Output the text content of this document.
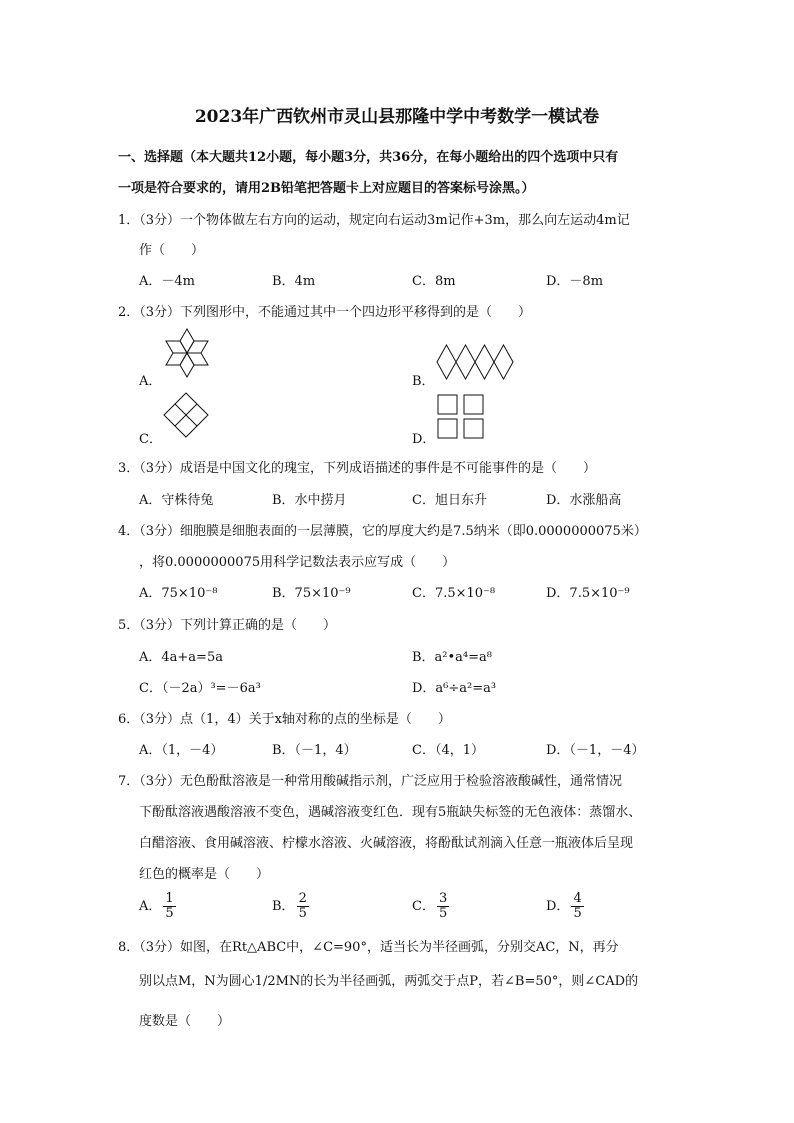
2023年广西钦州市灵山县那隆中学中考数学一模试卷
一、选择题（本大题共12小题，每小题3分，共36分，在每小题给出的四个选项中只有
一项是符合要求的，请用2B铅笔把答题卡上对应题目的答案标号涂黑。）
1．（3分）一个物体做左右方向的运动，规定向右运动3m记作+3m，那么向左运动4m记
作（　　）
A．－4m	B．4m	C．8m	D．－8m
2．（3分）下列图形中，不能通过其中一个四边形平移得到的是（　　）
A．	B．
C．	D．
3．（3分）成语是中国文化的瑰宝，下列成语描述的事件是不可能事件的是（　　）
A．守株待兔	B．水中捞月	C．旭日东升	D．水涨船高
4．（3分）细胞膜是细胞表面的一层薄膜，它的厚度大约是7.5纳米（即0.0000000075米）
，将0.0000000075用科学记数法表示应写成（　　）
A．75×10⁻⁸	B．75×10⁻⁹	C．7.5×10⁻⁸	D．7.5×10⁻⁹
5．（3分）下列计算正确的是（　　）
A．4a+a=5a	B．a²•a⁴=a⁸
C．（－2a）³=－6a³	D．a⁶÷a²=a³
6．（3分）点（1，4）关于x轴对称的点的坐标是（　　）
A．（1，－4）	B．（－1，4）	C．（4，1）	D．（－1，－4）
7．（3分）无色酚酞溶液是一种常用酸碱指示剂，广泛应用于检验溶液酸碱性，通常情况
下酚酞溶液遇酸溶液不变色，遇碱溶液变红色．现有5瓶缺失标签的无色液体：蒸馏水、
白醋溶液、食用碱溶液、柠檬水溶液、火碱溶液，将酚酞试剂滴入任意一瓶液体后呈现
红色的概率是（　　）
A． $\frac{1}{5}$	B． $\frac{2}{5}$	C． $\frac{3}{5}$	D． $\frac{4}{5}$
8．（3分）如图，在Rt△ABC中，∠C=90°，适当长为半径画弧，分别交AC，N，再分
别以点M，N为圆心1/2MN的长为半径画弧，两弧交于点P，若∠B=50°，则∠CAD的
度数是（　　）
